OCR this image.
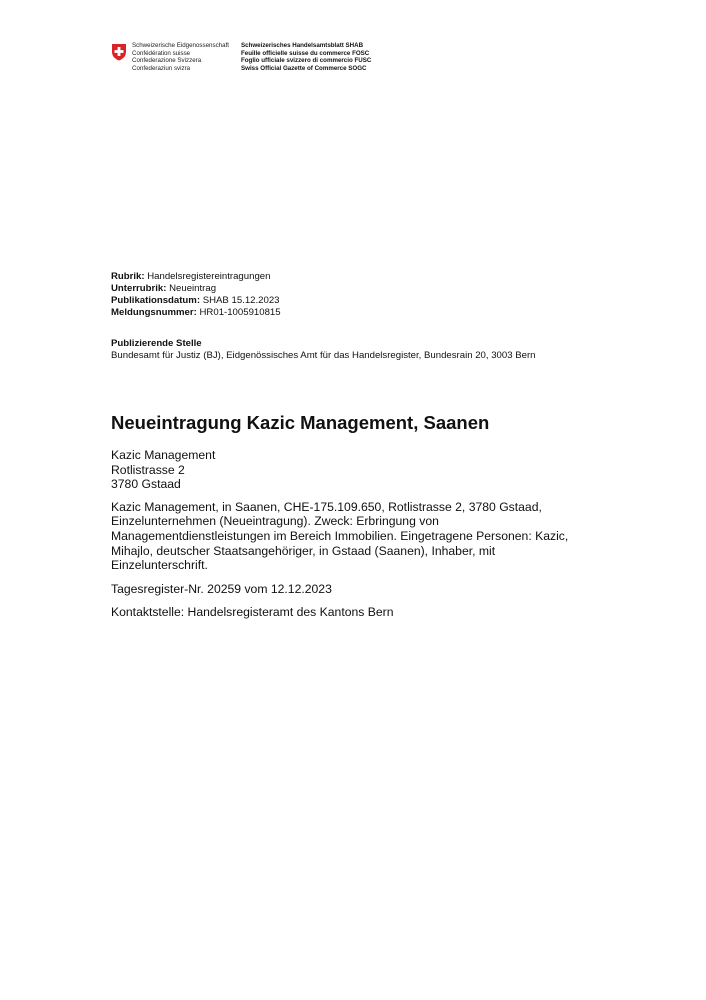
Schweizerische Eidgenossenschaft
Confédération suisse
Confederazione Svizzera
Confederaziun svizra
Schweizerisches Handelsamtsblatt SHAB
Feuille officielle suisse du commerce FOSC
Foglio ufficiale svizzero di commercio FUSC
Swiss Official Gazette of Commerce SOGC
Rubrik: Handelsregistereintragungen
Unterrubrik: Neueintrag
Publikationsdatum: SHAB 15.12.2023
Meldungsnummer: HR01-1005910815
Publizierende Stelle
Bundesamt für Justiz (BJ), Eidgenössisches Amt für das Handelsregister, Bundesrain 20, 3003 Bern
Neueintragung Kazic Management, Saanen
Kazic Management
Rotlistrasse 2
3780 Gstaad

Kazic Management, in Saanen, CHE-175.109.650, Rotlistrasse 2, 3780 Gstaad, Einzelunternehmen (Neueintragung). Zweck: Erbringung von Managementdienstleistungen im Bereich Immobilien. Eingetragene Personen: Kazic, Mihajlo, deutscher Staatsangehöriger, in Gstaad (Saanen), Inhaber, mit Einzelunterschrift.

Tagesregister-Nr. 20259 vom 12.12.2023

Kontaktstelle: Handelsregisteramt des Kantons Bern
